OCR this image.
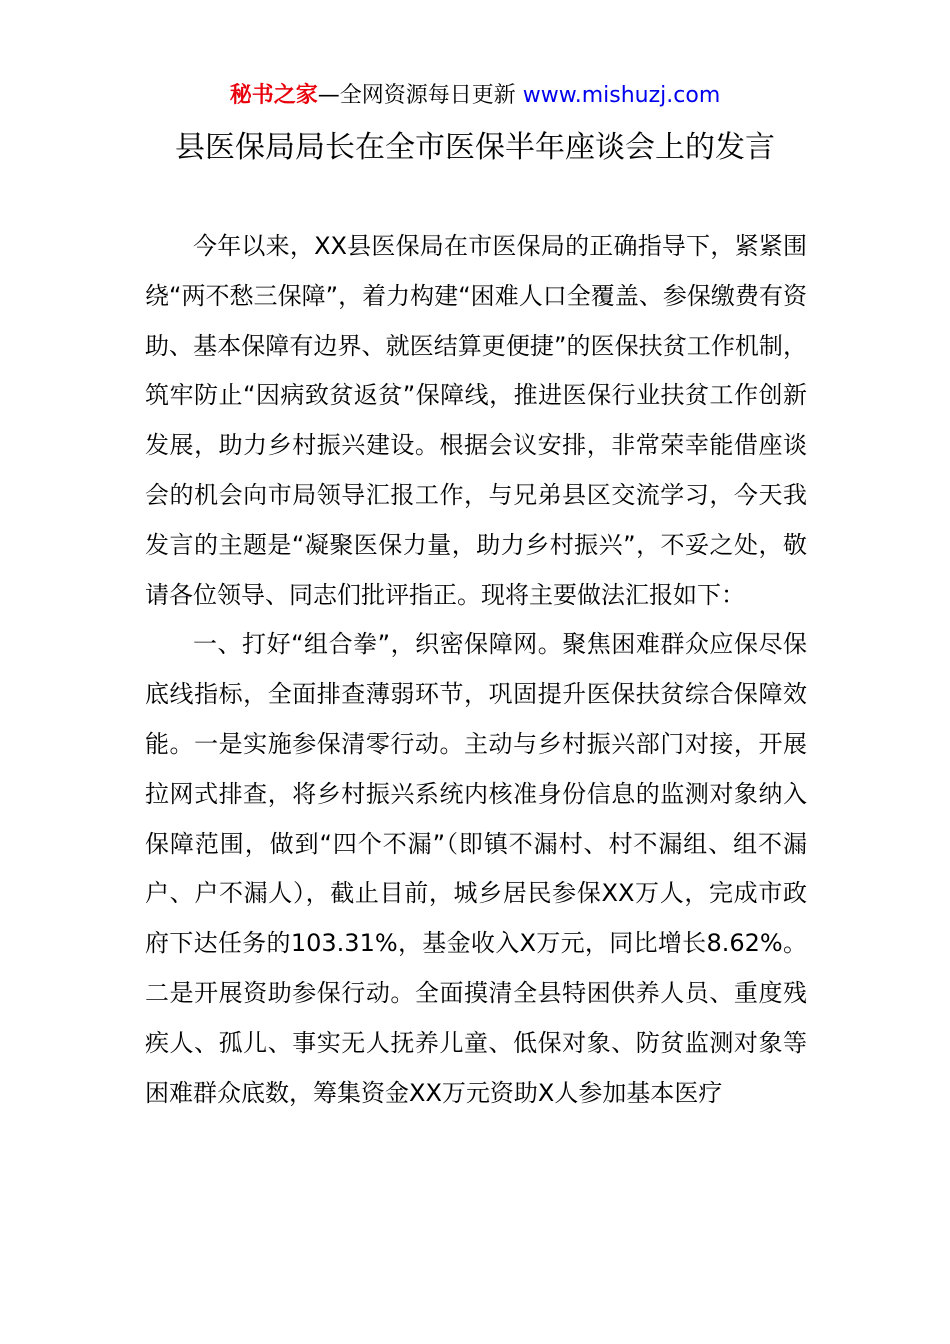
秘书之家—全网资源每日更新 www.mishuzj.com
县医保局局长在全市医保半年座谈会上的发言

今年以来，XX县医保局在市医保局的正确指导下，紧紧围绕“两不愁三保障”，着力构建“困难人口全覆盖、参保缴费有资助、基本保障有边界、就医结算更便捷”的医保扶贫工作机制，筑牢防止“因病致贫返贫”保障线，推进医保行业扶贫工作创新发展，助力乡村振兴建设。根据会议安排，非常荣幸能借座谈会的机会向市局领导汇报工作，与兄弟县区交流学习，今天我发言的主题是“凝聚医保力量，助力乡村振兴”，不妥之处，敬请各位领导、同志们批评指正。现将主要做法汇报如下：

一、打好“组合拳”，织密保障网。聚焦困难群众应保尽保底线指标，全面排查薄弱环节，巩固提升医保扶贫综合保障效能。一是实施参保清零行动。主动与乡村振兴部门对接，开展拉网式排查，将乡村振兴系统内核准身份信息的监测对象纳入保障范围，做到“四个不漏”（即镇不漏村、村不漏组、组不漏户、户不漏人），截止目前，城乡居民参保XX万人，完成市政府下达任务的103.31%，基金收入X万元，同比增长8.62%。二是开展资助参保行动。全面摸清全县特困供养人员、重度残疾人、孤儿、事实无人抚养儿童、低保对象、防贫监测对象等困难群众底数，筹集资金XX万元资助X人参加基本医疗
